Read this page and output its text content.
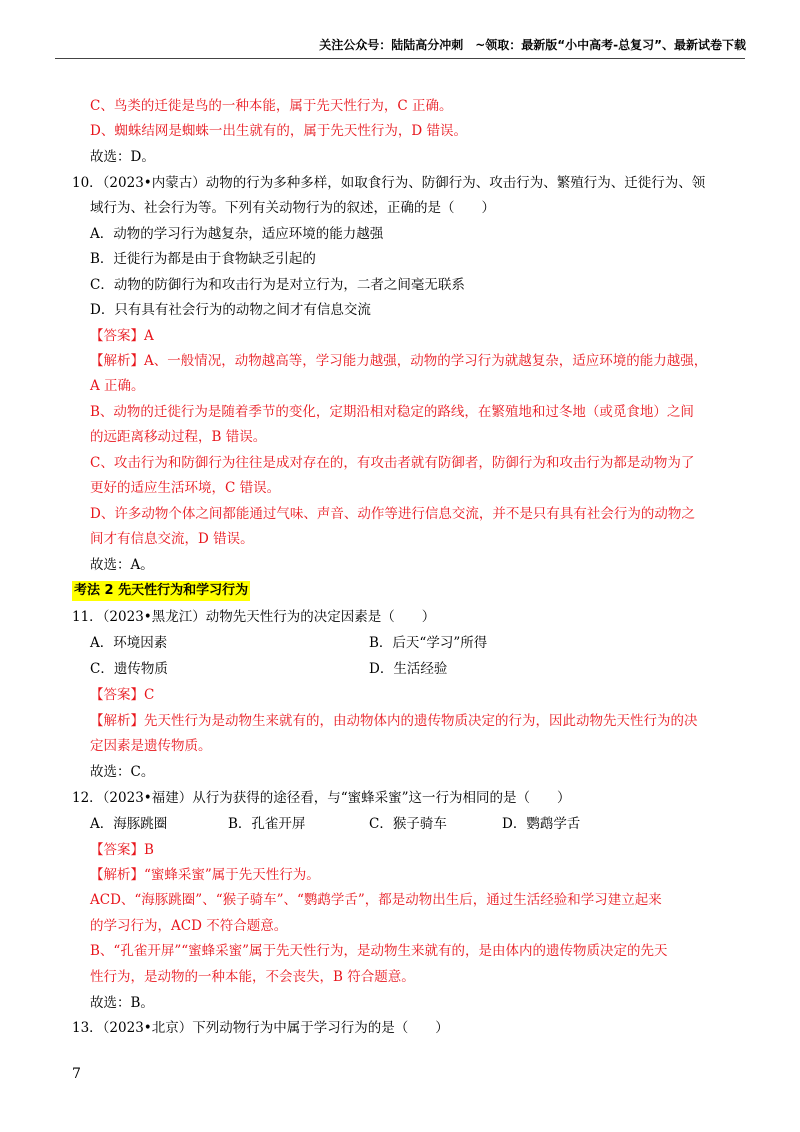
关注公众号：陆陆高分冲刺　~领取：最新版“小中高考-总复习”、最新试卷下载
C、鸟类的迁徙是鸟的一种本能，属于先天性行为，C 正确。
D、蜘蛛结网是蜘蛛一出生就有的，属于先天性行为，D 错误。
故选：D。
10．（2023•内蒙古）动物的行为多种多样，如取食行为、防御行为、攻击行为、繁殖行为、迁徙行为、领
域行为、社会行为等。下列有关动物行为的叙述，正确的是（　　）
A．动物的学习行为越复杂，适应环境的能力越强
B．迁徙行为都是由于食物缺乏引起的
C．动物的防御行为和攻击行为是对立行为，二者之间毫无联系
D．只有具有社会行为的动物之间才有信息交流
【答案】A
【解析】A、一般情况，动物越高等，学习能力越强，动物的学习行为就越复杂，适应环境的能力越强，
A 正确。
B、动物的迁徙行为是随着季节的变化，定期沿相对稳定的路线，在繁殖地和过冬地（或觅食地）之间
的远距离移动过程，B 错误。
C、攻击行为和防御行为往往是成对存在的，有攻击者就有防御者，防御行为和攻击行为都是动物为了
更好的适应生活环境，C 错误。
D、许多动物个体之间都能通过气味、声音、动作等进行信息交流，并不是只有具有社会行为的动物之
间才有信息交流，D 错误。
故选：A。
考法 2 先天性行为和学习行为
11．（2023•黑龙江）动物先天性行为的决定因素是（　　）
A．环境因素	B．后天“学习”所得
C．遗传物质	D．生活经验
【答案】C
【解析】先天性行为是动物生来就有的，由动物体内的遗传物质决定的行为，因此动物先天性行为的决
定因素是遗传物质。
故选：C。
12．（2023•福建）从行为获得的途径看，与“蜜蜂采蜜”这一行为相同的是（　　）
A．海豚跳圈	B．孔雀开屏	C．猴子骑车	D．鹦鹉学舌
【答案】B
【解析】“蜜蜂采蜜”属于先天性行为。
ACD、“海豚跳圈”、“猴子骑车”、“鹦鹉学舌”，都是动物出生后，通过生活经验和学习建立起来
的学习行为，ACD 不符合题意。
B、“孔雀开屏”“蜜蜂采蜜”属于先天性行为，是动物生来就有的，是由体内的遗传物质决定的先天
性行为，是动物的一种本能，不会丧失，B 符合题意。
故选：B。
13．（2023•北京）下列动物行为中属于学习行为的是（　　）
7
